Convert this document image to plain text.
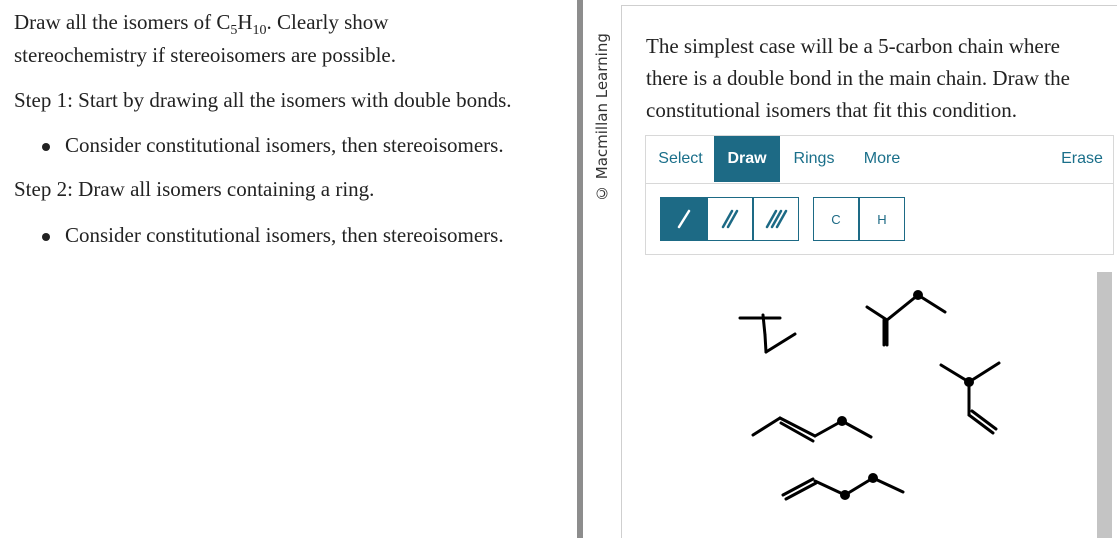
Draw all the isomers of $C_5H_{10}$. Clearly show
stereochemistry if stereoisomers are possible.
Step 1: Start by drawing all the isomers with double bonds.
Consider constitutional isomers, then stereoisomers.
Step 2: Draw all isomers containing a ring.
Consider constitutional isomers, then stereoisomers.
© Macmillan Learning The simplest case will be a 5-carbon chain where there is a double bond in the main chain. Draw the constitutional isomers that fit this condition.
Select	Draw	Rings	More	Erase
C	H
